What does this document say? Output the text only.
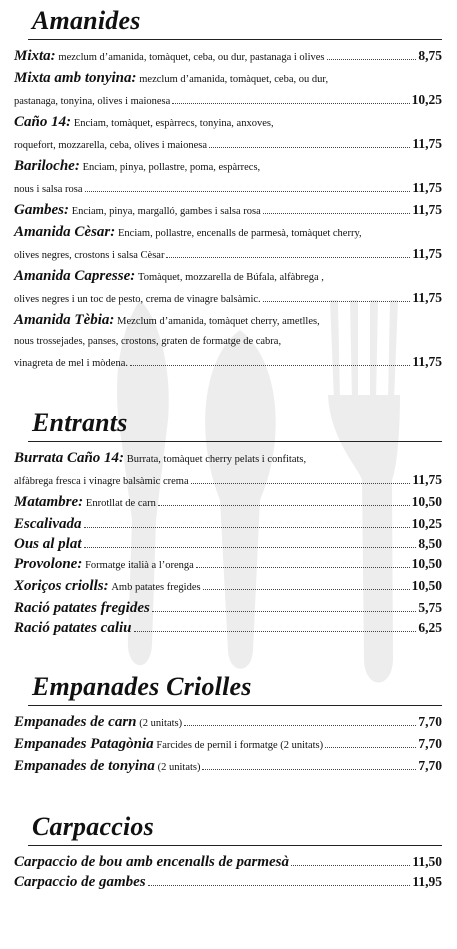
Amanides
Mixta:
mezclum d’amanida, tomàquet, ceba, ou dur, pastanaga i olives	8,75
Mixta amb tonyina:
mezclum d’amanida, tomàquet, ceba, ou dur,
pastanaga, tonyina, olives i maionesa	10,25
Caño 14:
Enciam, tomàquet, espàrrecs, tonyina, anxoves,
roquefort, mozzarella, ceba, olives i maionesa	11,75
Bariloche:
Enciam, pinya, pollastre, poma, espàrrecs,
nous i salsa rosa	11,75
Gambes:
Enciam, pinya, margalló, gambes i salsa rosa	11,75
Amanida Cèsar:
Enciam, pollastre, encenalls de parmesà, tomàquet cherry,
olives negres, crostons i salsa Cèsar	11,75
Amanida Capresse:
Tomàquet, mozzarella de Búfala, alfàbrega ,
olives negres i un toc de pesto, crema de vinagre balsàmic.	11,75
Amanida Tèbia:
Mezclum d’amanida, tomàquet cherry, ametlles,
nous trossejades, panses, crostons, graten de formatge de cabra,
vinagreta de mel i mòdena.	11,75
Entrants
Burrata Caño 14:
Burrata, tomàquet cherry pelats i confitats,
alfàbrega fresca i vinagre balsàmic crema	11,75
Matambre:
Enrotllat de carn	10,50
Escalivada	10,25
Ous al plat	8,50
Provolone:
Formatge italià a l’orenga	10,50
Xoriços criolls:
Amb patates fregides	10,50
Ració patates fregides	5,75
Ració patates caliu	6,25
Empanades Criolles
Empanades de carn
(2 unitats)	7,70
Empanades Patagònia
Farcides de pernil i formatge (2 unitats)	7,70
Empanades de tonyina
(2 unitats)	7,70
Carpaccios
Carpaccio de bou amb encenalls de parmesà	11,50
Carpaccio de gambes	11,95
